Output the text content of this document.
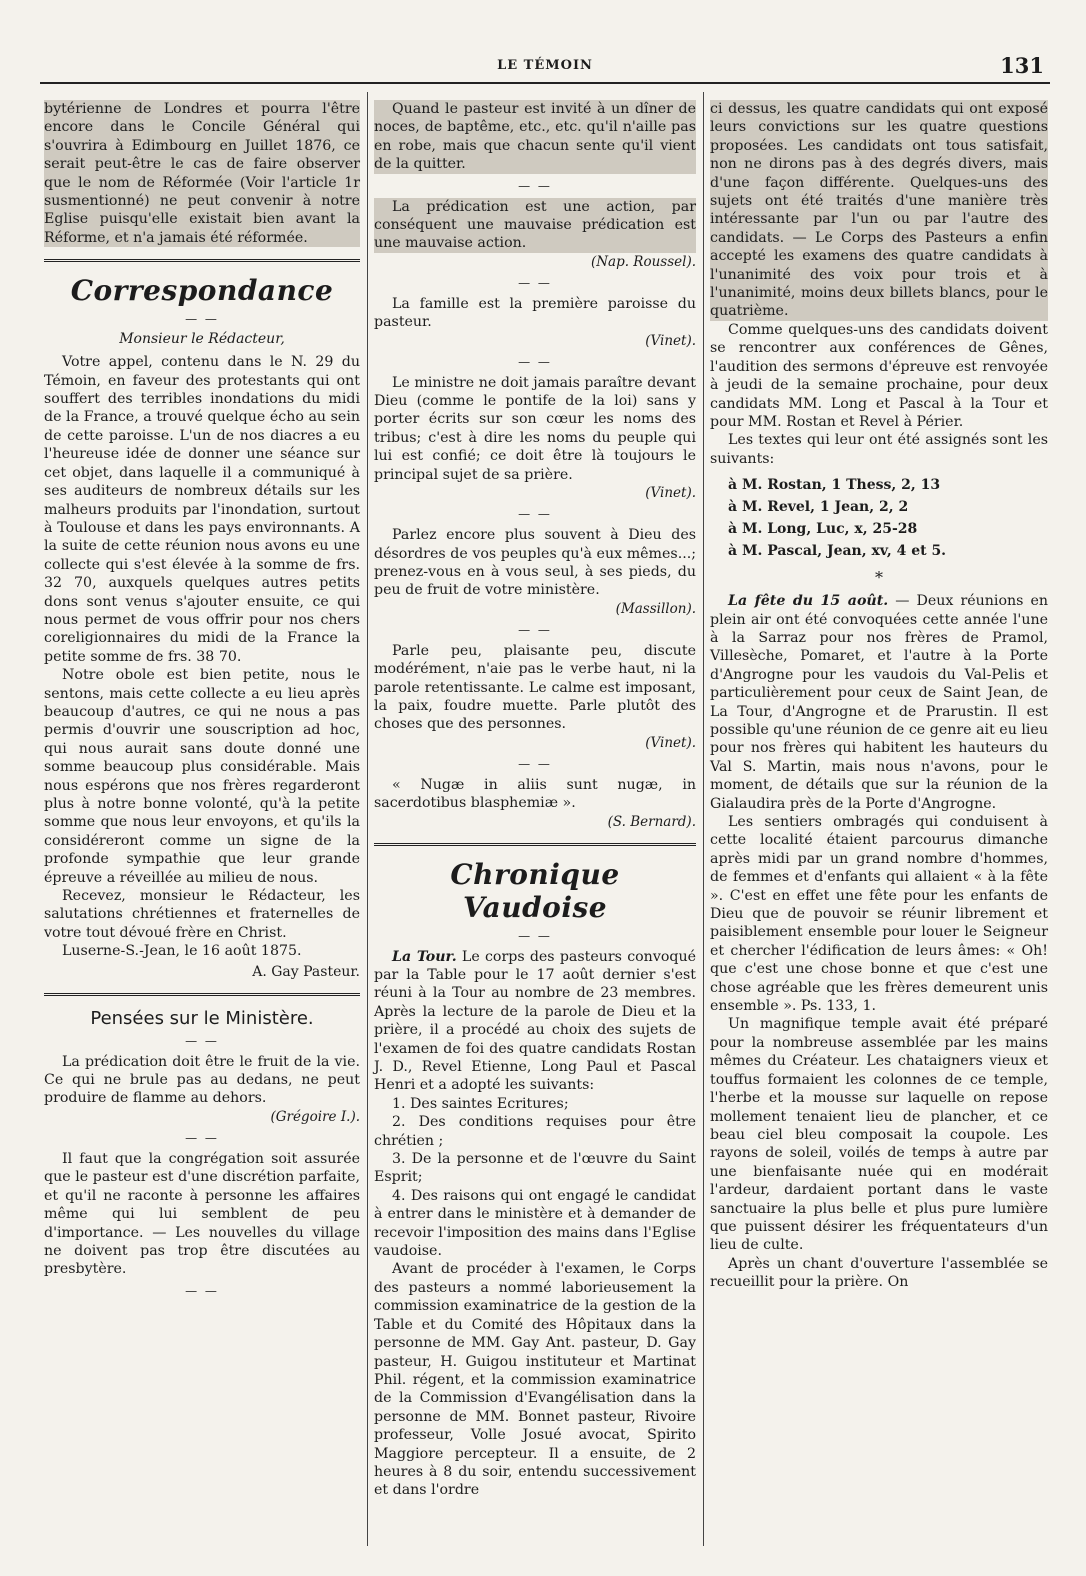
LE TÉMOIN	131

bytérienne de Londres et pourra l'être encore dans le Concile Général qui s'ouvrira à Edimbourg en Juillet 1876, ce serait peut-être le cas de faire observer que le nom de Réformée (Voir l'article 1r susmentionné) ne peut convenir à notre Eglise puisqu'elle existait bien avant la Réforme, et n'a jamais été réformée.

Correspondance
— —
Monsieur le Rédacteur,

Votre appel, contenu dans le N. 29 du Témoin, en faveur des protestants qui ont souffert des terribles inondations du midi de la France, a trouvé quelque écho au sein de cette paroisse. L'un de nos diacres a eu l'heureuse idée de donner une séance sur cet objet, dans laquelle il a communiqué à ses auditeurs de nombreux détails sur les malheurs produits par l'inondation, surtout à Toulouse et dans les pays environnants. A la suite de cette réunion nous avons eu une collecte qui s'est élevée à la somme de frs. 32 70, auxquels quelques autres petits dons sont venus s'ajouter ensuite, ce qui nous permet de vous offrir pour nos chers coreligionnaires du midi de la France la petite somme de frs. 38 70.

Notre obole est bien petite, nous le sentons, mais cette collecte a eu lieu après beaucoup d'autres, ce qui ne nous a pas permis d'ouvrir une souscription ad hoc, qui nous aurait sans doute donné une somme beaucoup plus considérable. Mais nous espérons que nos frères regarderont plus à notre bonne volonté, qu'à la petite somme que nous leur envoyons, et qu'ils la considéreront comme un signe de la profonde sympathie que leur grande épreuve a réveillée au milieu de nous.

Recevez, monsieur le Rédacteur, les salutations chrétiennes et fraternelles de votre tout dévoué frère en Christ.

Luserne-S.-Jean, le 16 août 1875.

A. Gay Pasteur.
Pensées sur le Ministère.
— —

La prédication doit être le fruit de la vie. Ce qui ne brule pas au dedans, ne peut produire de flamme au dehors.

(Grégoire I.).
— —

Il faut que la congrégation soit assurée que le pasteur est d'une discrétion parfaite, et qu'il ne raconte à personne les affaires même qui lui semblent de peu d'importance. — Les nouvelles du village ne doivent pas trop être discutées au presbytère.

— —

Quand le pasteur est invité à un dîner de noces, de baptême, etc., etc. qu'il n'aille pas en robe, mais que chacun sente qu'il vient de la quitter.

— —

La prédication est une action, par conséquent une mauvaise prédication est une mauvaise action.

(Nap. Roussel).
— —

La famille est la première paroisse du pasteur.

(Vinet).
— —

Le ministre ne doit jamais paraître devant Dieu (comme le pontife de la loi) sans y porter écrits sur son cœur les noms des tribus; c'est à dire les noms du peuple qui lui est confié; ce doit être là toujours le principal sujet de sa prière.

(Vinet).
— —

Parlez encore plus souvent à Dieu des désordres de vos peuples qu'à eux mêmes...; prenez-vous en à vous seul, à ses pieds, du peu de fruit de votre ministère.

(Massillon).
— —

Parle peu, plaisante peu, discute modérément, n'aie pas le verbe haut, ni la parole retentissante. Le calme est imposant, la paix, foudre muette. Parle plutôt des choses que des personnes.

(Vinet).
— —

« Nugæ in aliis sunt nugæ, in sacerdotibus blasphemiæ ».

(S. Bernard).
Chronique Vaudoise
— —

La Tour. Le corps des pasteurs convoqué par la Table pour le 17 août dernier s'est réuni à la Tour au nombre de 23 membres. Après la lecture de la parole de Dieu et la prière, il a procédé au choix des sujets de l'examen de foi des quatre candidats Rostan J. D., Revel Etienne, Long Paul et Pascal Henri et a adopté les suivants:

1. Des saintes Ecritures;

2. Des conditions requises pour être chrétien ;

3. De la personne et de l'œuvre du Saint Esprit;

4. Des raisons qui ont engagé le candidat à entrer dans le ministère et à demander de recevoir l'imposition des mains dans l'Eglise vaudoise.

Avant de procéder à l'examen, le Corps des pasteurs a nommé laborieusement la commission examinatrice de la gestion de la Table et du Comité des Hôpitaux dans la personne de MM. Gay Ant. pasteur, D. Gay pasteur, H. Guigou instituteur et Martinat Phil. régent, et la commission examinatrice de la Commission d'Evangélisation dans la personne de MM. Bonnet pasteur, Rivoire professeur, Volle Josué avocat, Spirito Maggiore percepteur. Il a ensuite, de 2 heures à 8 du soir, entendu successivement et dans l'ordre

ci dessus, les quatre candidats qui ont exposé leurs convictions sur les quatre questions proposées. Les candidats ont tous satisfait, non ne dirons pas à des degrés divers, mais d'une façon différente. Quelques-uns des sujets ont été traités d'une manière très intéressante par l'un ou par l'autre des candidats. — Le Corps des Pasteurs a enfin accepté les examens des quatre candidats à l'unanimité des voix pour trois et à l'unanimité, moins deux billets blancs, pour le quatrième.

Comme quelques-uns des candidats doivent se rencontrer aux conférences de Gênes, l'audition des sermons d'épreuve est renvoyée à jeudi de la semaine prochaine, pour deux candidats MM. Long et Pascal à la Tour et pour MM. Rostan et Revel à Périer.

Les textes qui leur ont été assignés sont les suivants:

à M. Rostan, 1 Thess, 2, 13
à M. Revel, 1 Jean, 2, 2
à M. Long, Luc, x, 25-28
à M. Pascal, Jean, xv, 4 et 5.
*

La fête du 15 août. — Deux réunions en plein air ont été convoquées cette année l'une à la Sarraz pour nos frères de Pramol, Villesèche, Pomaret, et l'autre à la Porte d'Angrogne pour les vaudois du Val-Pelis et particulièrement pour ceux de Saint Jean, de La Tour, d'Angrogne et de Prarustin. Il est possible qu'une réunion de ce genre ait eu lieu pour nos frères qui habitent les hauteurs du Val S. Martin, mais nous n'avons, pour le moment, de détails que sur la réunion de la Gialaudira près de la Porte d'Angrogne.

Les sentiers ombragés qui conduisent à cette localité étaient parcourus dimanche après midi par un grand nombre d'hommes, de femmes et d'enfants qui allaient « à la fête ». C'est en effet une fête pour les enfants de Dieu que de pouvoir se réunir librement et paisiblement ensemble pour louer le Seigneur et chercher l'édification de leurs âmes: « Oh! que c'est une chose bonne et que c'est une chose agréable que les frères demeurent unis ensemble ». Ps. 133, 1.

Un magnifique temple avait été préparé pour la nombreuse assemblée par les mains mêmes du Créateur. Les chataigners vieux et touffus formaient les colonnes de ce temple, l'herbe et la mousse sur laquelle on repose mollement tenaient lieu de plancher, et ce beau ciel bleu composait la coupole. Les rayons de soleil, voilés de temps à autre par une bienfaisante nuée qui en modérait l'ardeur, dardaient portant dans le vaste sanctuaire la plus belle et plus pure lumière que puissent désirer les fréquentateurs d'un lieu de culte.

Après un chant d'ouverture l'assemblée se recueillit pour la prière. On
